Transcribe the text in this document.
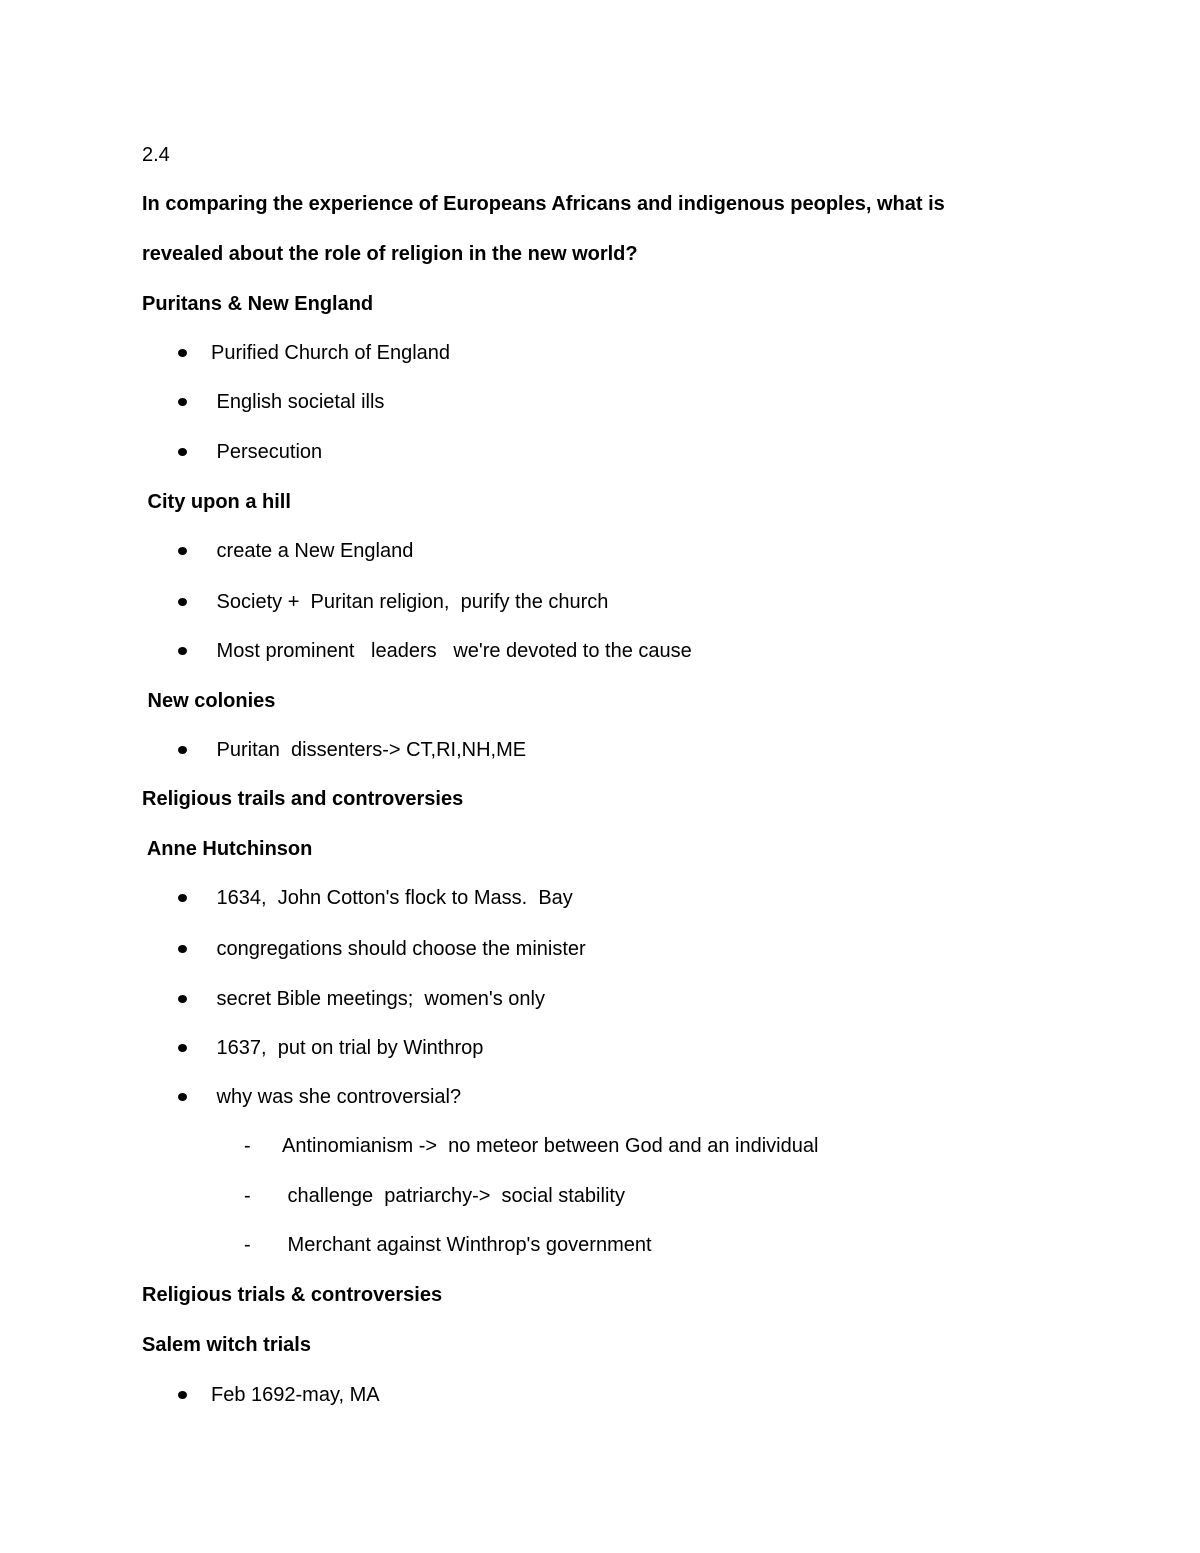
2.4
In comparing the experience of Europeans Africans and indigenous peoples, what is
revealed about the role of religion in the new world?
Puritans & New England

Purified Church of England

English societal ills

Persecution

City upon a hill

create a New England

Society +  Puritan religion,  purify the church

Most prominent   leaders   we're devoted to the cause

New colonies

Puritan  dissenters-> CT,RI,NH,ME

Religious trails and controversies
Anne Hutchinson

1634,  John Cotton's flock to Mass.  Bay

congregations should choose the minister

secret Bible meetings;  women's only

1637,  put on trial by Winthrop

why was she controversial?

-

Antinomianism ->  no meteor between God and an individual

-

challenge  patriarchy->  social stability

-

Merchant against Winthrop's government

Religious trials & controversies
Salem witch trials

Feb 1692-may, MA
